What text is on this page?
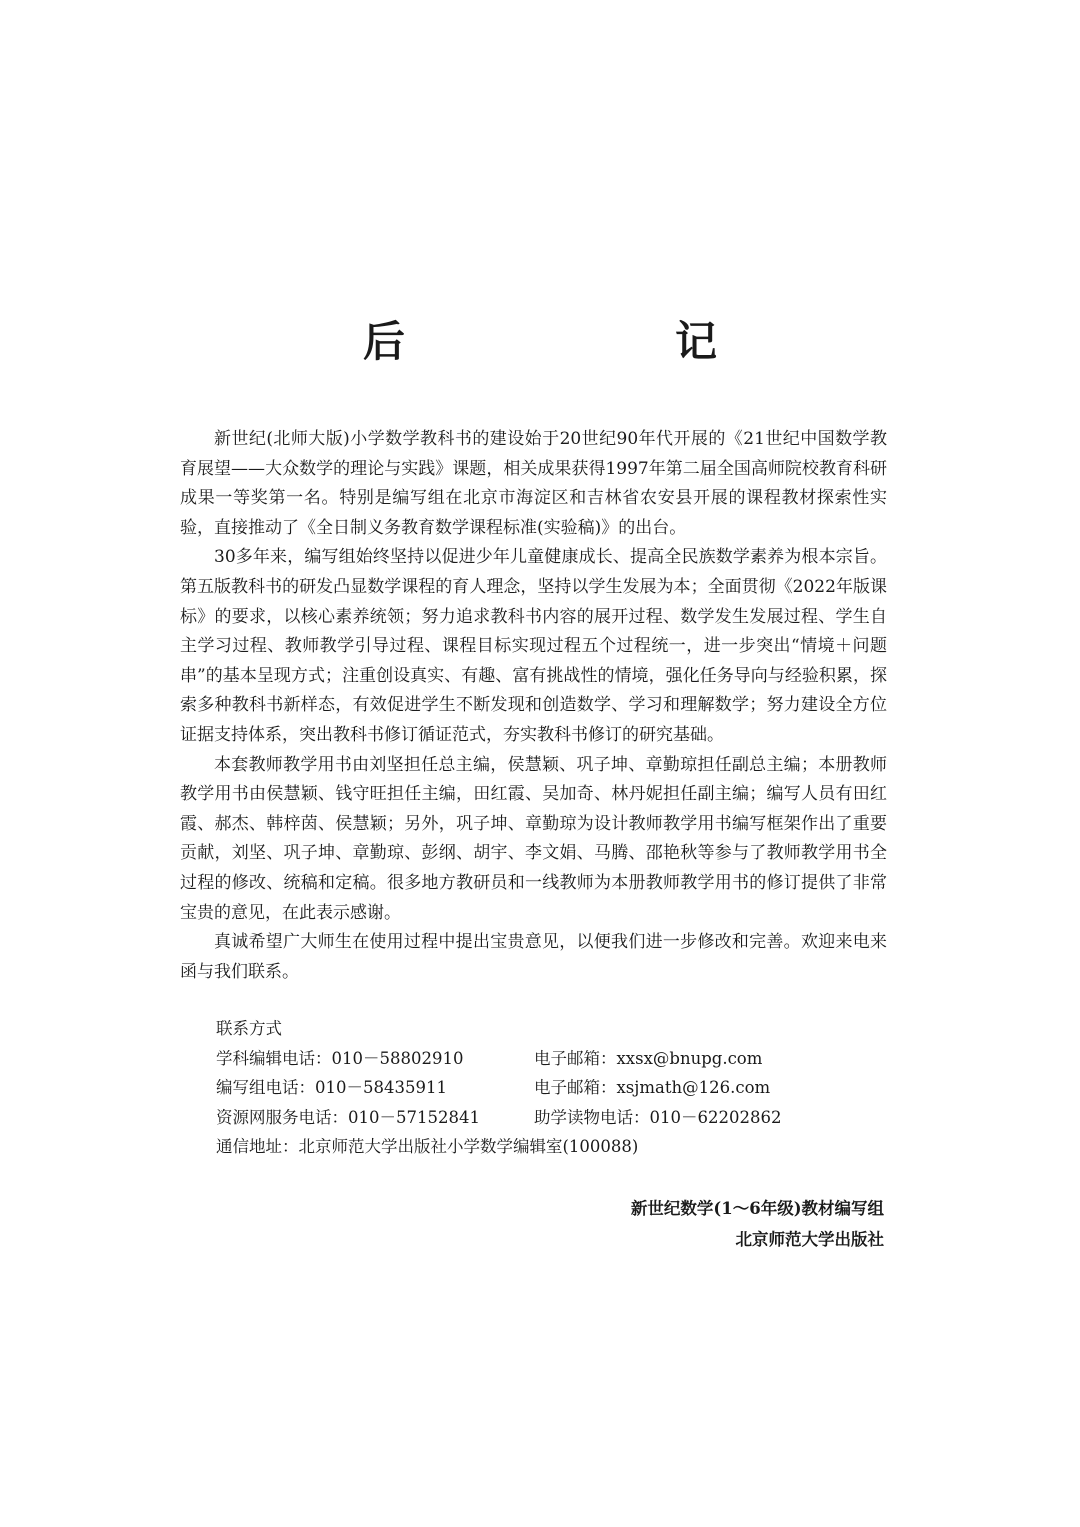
后　　记

新世纪(北师大版)小学数学教科书的建设始于20世纪90年代开展的《21世纪中国数学教育展望——大众数学的理论与实践》课题，相关成果获得1997年第二届全国高师院校教育科研成果一等奖第一名。特别是编写组在北京市海淀区和吉林省农安县开展的课程教材探索性实验，直接推动了《全日制义务教育数学课程标准(实验稿)》的出台。

30多年来，编写组始终坚持以促进少年儿童健康成长、提高全民族数学素养为根本宗旨。第五版教科书的研发凸显数学课程的育人理念，坚持以学生发展为本；全面贯彻《2022年版课标》的要求，以核心素养统领；努力追求教科书内容的展开过程、数学发生发展过程、学生自主学习过程、教师教学引导过程、课程目标实现过程五个过程统一，进一步突出“情境＋问题串”的基本呈现方式；注重创设真实、有趣、富有挑战性的情境，强化任务导向与经验积累，探索多种教科书新样态，有效促进学生不断发现和创造数学、学习和理解数学；努力建设全方位证据支持体系，突出教科书修订循证范式，夯实教科书修订的研究基础。

本套教师教学用书由刘坚担任总主编，侯慧颖、巩子坤、章勤琼担任副总主编；本册教师教学用书由侯慧颖、钱守旺担任主编，田红霞、吴加奇、林丹妮担任副主编；编写人员有田红霞、郝杰、韩梓茵、侯慧颖；另外，巩子坤、章勤琼为设计教师教学用书编写框架作出了重要贡献，刘坚、巩子坤、章勤琼、彭纲、胡宇、李文娟、马腾、邵艳秋等参与了教师教学用书全过程的修改、统稿和定稿。很多地方教研员和一线教师为本册教师教学用书的修订提供了非常宝贵的意见，在此表示感谢。

真诚希望广大师生在使用过程中提出宝贵意见，以便我们进一步修改和完善。欢迎来电来函与我们联系。

联系方式
学科编辑电话：010－58802910	电子邮箱：xxsx@bnupg.com
编写组电话：010－58435911	电子邮箱：xsjmath@126.com
资源网服务电话：010－57152841	助学读物电话：010－62202862
通信地址：北京师范大学出版社小学数学编辑室(100088)
新世纪数学(1～6年级)教材编写组
北京师范大学出版社
